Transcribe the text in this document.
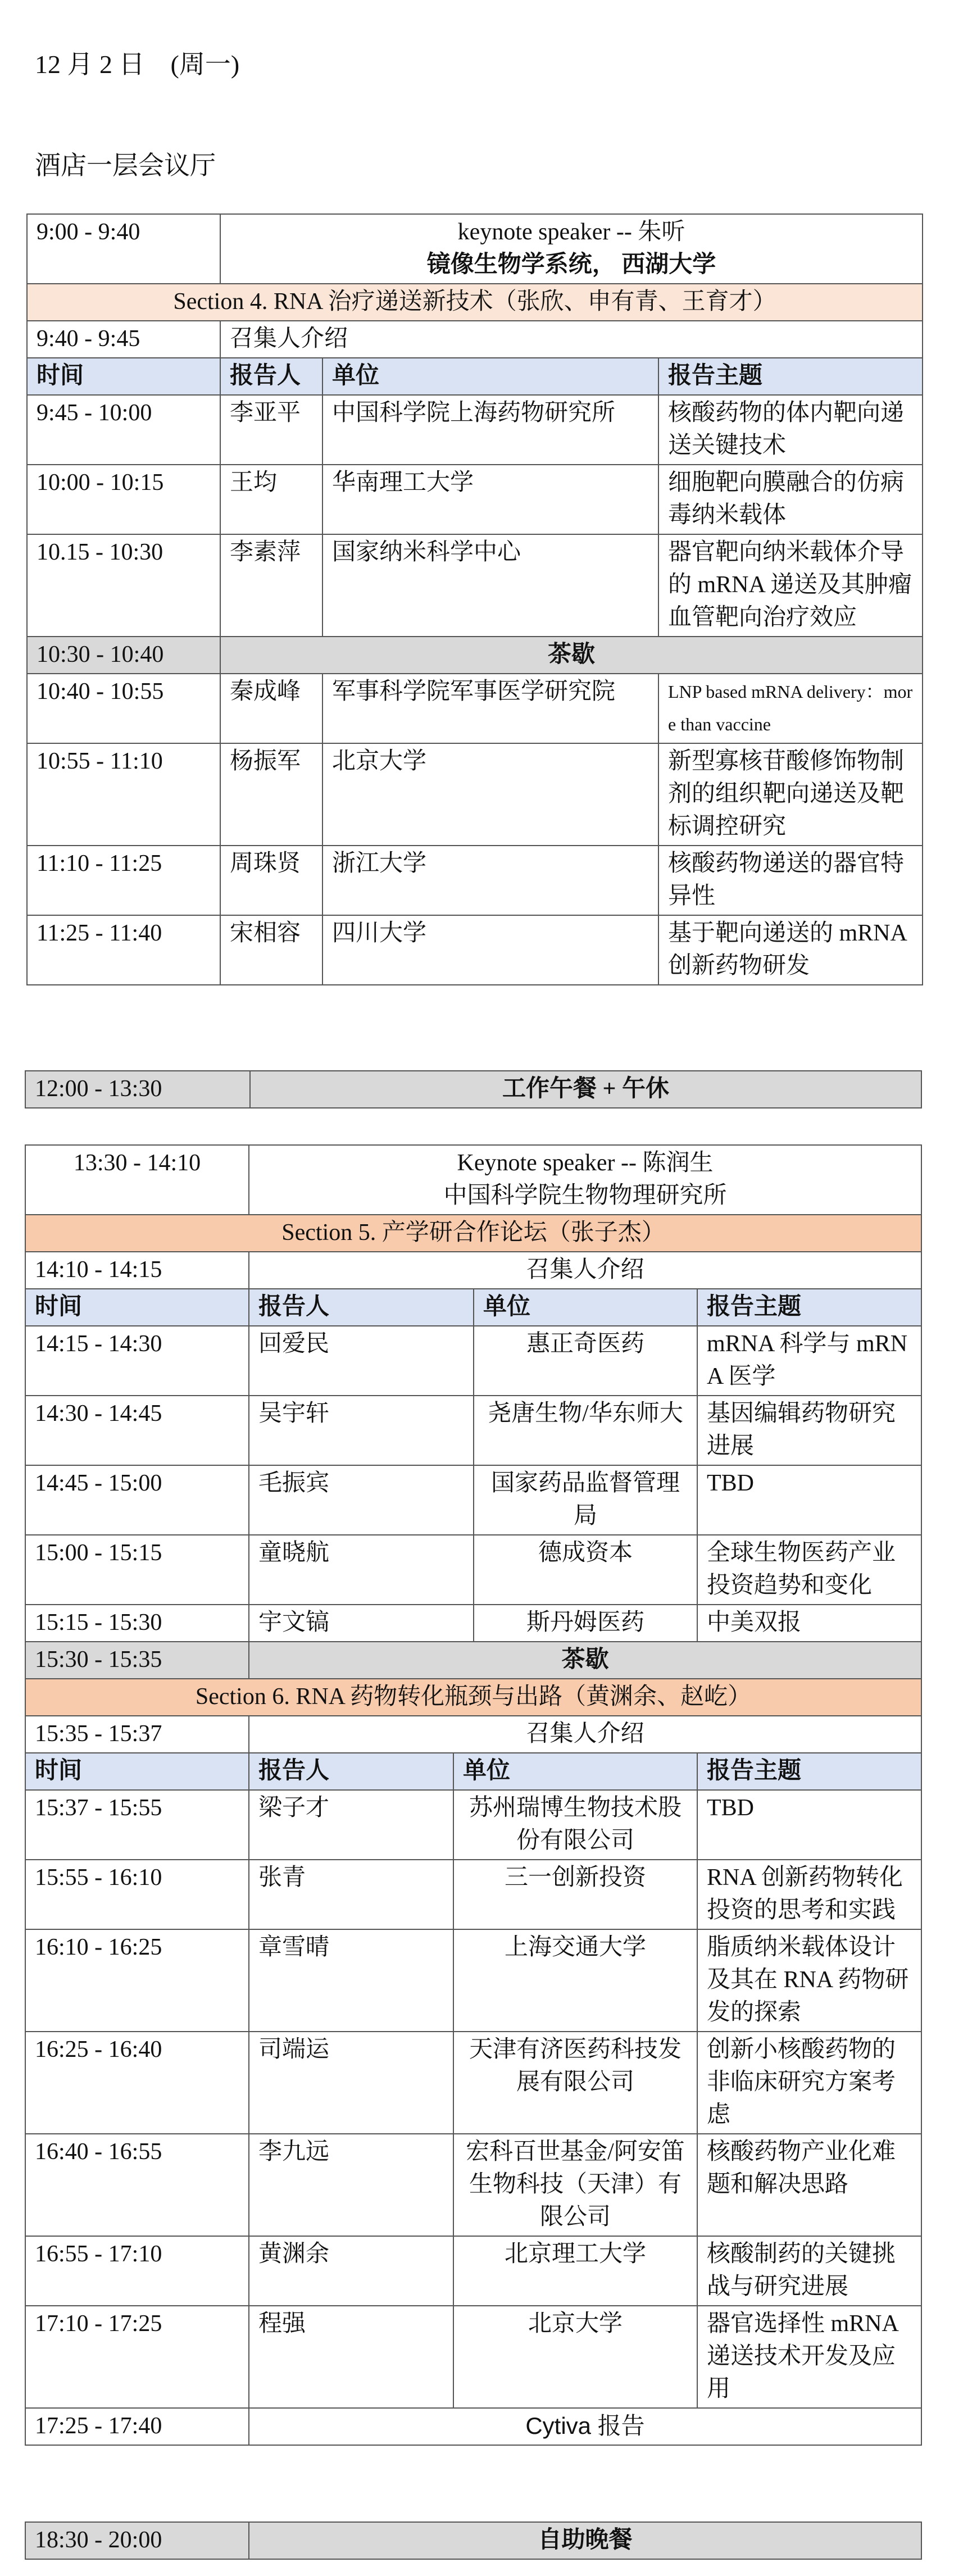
12 月 2 日　(周一)
酒店一层会议厅
9:00 - 9:40	keynote speaker -- 朱听
镜像生物学系统， 西湖大学		

Section 4. RNA 治疗递送新技术（张欣、申有青、王育才）			
9:40 - 9:45	召集人介绍		
时间	报告人	单位	报告主题
9:45 - 10:00	李亚平	中国科学院上海药物研究所	核酸药物的体内靶向递送关键技术
10:00 - 10:15	王均	华南理工大学	细胞靶向膜融合的仿病毒纳米载体
10.15 - 10:30	李素萍	国家纳米科学中心	器官靶向纳米载体介导的 mRNA 递送及其肿瘤血管靶向治疗效应
10:30 - 10:40	茶歇		
10:40 - 10:55	秦成峰	军事科学院军事医学研究院	LNP based mRNA delivery：more than vaccine
10:55 - 11:10	杨振军	北京大学	新型寡核苷酸修饰物制剂的组织靶向递送及靶标调控研究
11:10 - 11:25	周珠贤	浙江大学	核酸药物递送的器官特异性
11:25 - 11:40	宋相容	四川大学	基于靶向递送的 mRNA 创新药物研发
12:00 - 13:30	工作午餐 + 午休
13:30 - 14:10	Keynote speaker -- 陈润生
中国科学院生物物理研究所		

Section 5. 产学研合作论坛（张子杰）			
14:10 - 14:15	召集人介绍		
时间	报告人	单位	报告主题
14:15 - 14:30	回爱民	惠正奇医药	mRNA 科学与 mRNA 医学
14:30 - 14:45	吴宇轩	尧唐生物/华东师大	基因编辑药物研究进展
14:45 - 15:00	毛振宾	国家药品监督管理局	TBD
15:00 - 15:15	童晓航	德成资本	全球生物医药产业投资趋势和变化
15:15 - 15:30	宇文镐	斯丹姆医药	中美双报
15:30 - 15:35	茶歇		
Section 6. RNA 药物转化瓶颈与出路（黄渊余、赵屹）			
15:35 - 15:37	召集人介绍		
时间	报告人	单位	报告主题
15:37 - 15:55	梁子才	苏州瑞博生物技术股份有限公司	TBD
15:55 - 16:10	张青	三一创新投资	RNA 创新药物转化投资的思考和实践
16:10 - 16:25	章雪晴	上海交通大学	脂质纳米载体设计及其在 RNA 药物研发的探索
16:25 - 16:40	司端运	天津有济医药科技发展有限公司	创新小核酸药物的非临床研究方案考虑
16:40 - 16:55	李九远	宏科百世基金/阿安笛生物科技（天津）有限公司	核酸药物产业化难题和解决思路
16:55 - 17:10	黄渊余	北京理工大学	核酸制药的关键挑战与研究进展
17:10 - 17:25	程强	北京大学	器官选择性 mRNA 递送技术开发及应用
17:25 - 17:40	Cytiva 报告		
18:30 - 20:00	自助晚餐
